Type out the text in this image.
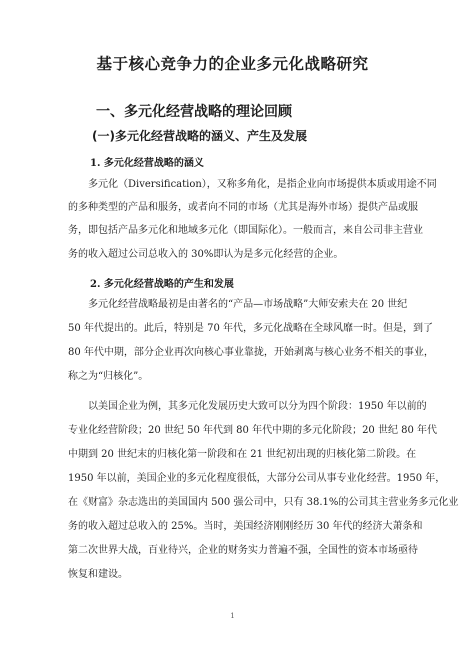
基于核心竞争力的企业多元化战略研究
一、多元化经营战略的理论回顾
(一)多元化经营战略的涵义、产生及发展
1. 多元化经营战略的涵义
多元化（Diversification），又称多角化，是指企业向市场提供本质或用途不同
的多种类型的产品和服务，或者向不同的市场（尤其是海外市场）提供产品或服
务，即包括产品多元化和地域多元化（即国际化）。一般而言，来自公司非主营业
务的收入超过公司总收入的 30%即认为是多元化经营的企业。
2. 多元化经营战略的产生和发展
多元化经营战略最初是由著名的“产品—市场战略”大师安索夫在 20 世纪
50 年代提出的。此后，特别是 70 年代，多元化战略在全球风靡一时。但是，到了
80 年代中期，部分企业再次向核心事业靠拢，开始剥离与核心业务不相关的事业，
称之为“归核化”。
以美国企业为例，其多元化发展历史大致可以分为四个阶段：1950 年以前的
专业化经营阶段；20 世纪 50 年代到 80 年代中期的多元化阶段；20 世纪 80 年代
中期到 20 世纪末的归核化第一阶段和在 21 世纪初出现的归核化第二阶段。在
1950 年以前，美国企业的多元化程度很低，大部分公司从事专业化经营。1950 年，
在《财富》杂志选出的美国国内 500 强公司中，只有 38.1%的公司其主营业务多元化业
务的收入超过总收入的 25%。当时，美国经济刚刚经历 30 年代的经济大萧条和
第二次世界大战，百业待兴，企业的财务实力普遍不强，全国性的资本市场亟待
恢复和建设。
1
